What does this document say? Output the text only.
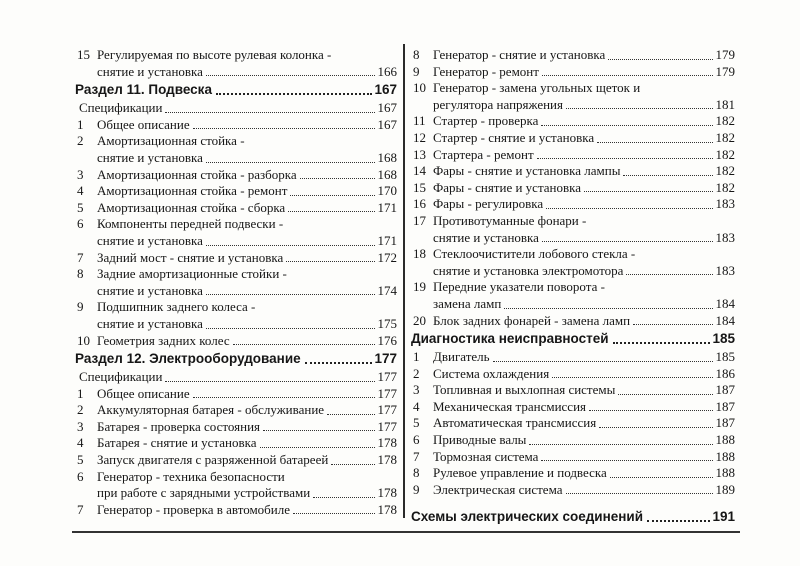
15 Регулируемая по высоте рулевая колонка -
снятие и установка	166
Раздел 11. Подвеска	167
Спецификации	167
1	Общее описание	167
2	Амортизационная стойка -
снятие и установка	168
3	Амортизационная стойка - разборка	168
4	Амортизационная стойка - ремонт	170
5	Амортизационная стойка - сборка	171
6	Компоненты передней подвески -
снятие и установка	171
7	Задний мост - снятие и установка	172
8	Задние амортизационные стойки -
снятие и установка	174
9	Подшипник заднего колеса -
снятие и установка	175
10 Геометрия задних колес	176
Раздел 12. Электрооборудование	177
Спецификации	177
1	Общее описание	177
2	Аккумуляторная батарея - обслуживание	177
3	Батарея - проверка состояния	177
4	Батарея - снятие и установка	178
5	Запуск двигателя с разряженной батареей	178
6	Генератор - техника безопасности
при работе с зарядными устройствами	178
7	Генератор - проверка в автомобиле	178
8	Генератор - снятие и установка	179
9	Генератор - ремонт	179
10 Генератор - замена угольных щеток и
регулятора напряжения	181
11 Стартер - проверка	182
12 Стартер - снятие и установка	182
13 Стартера - ремонт	182
14 Фары - снятие и установка лампы	182
15 Фары - снятие и установка	182
16 Фары - регулировка	183
17 Противотуманные фонари -
снятие и установка	183
18 Стеклоочистители лобового стекла -
снятие и установка электромотора	183
19 Передние указатели поворота -
замена ламп	184
20 Блок задних фонарей - замена ламп	184
Диагностика неисправностей	185
1	Двигатель	185
2	Система охлаждения	186
3	Топливная и выхлопная системы	187
4	Механическая трансмиссия	187
5	Автоматическая трансмиссия	187
6	Приводные валы	188
7	Тормозная система	188
8	Рулевое управление и подвеска	188
9	Электрическая система	189
Схемы электрических соединений	191
